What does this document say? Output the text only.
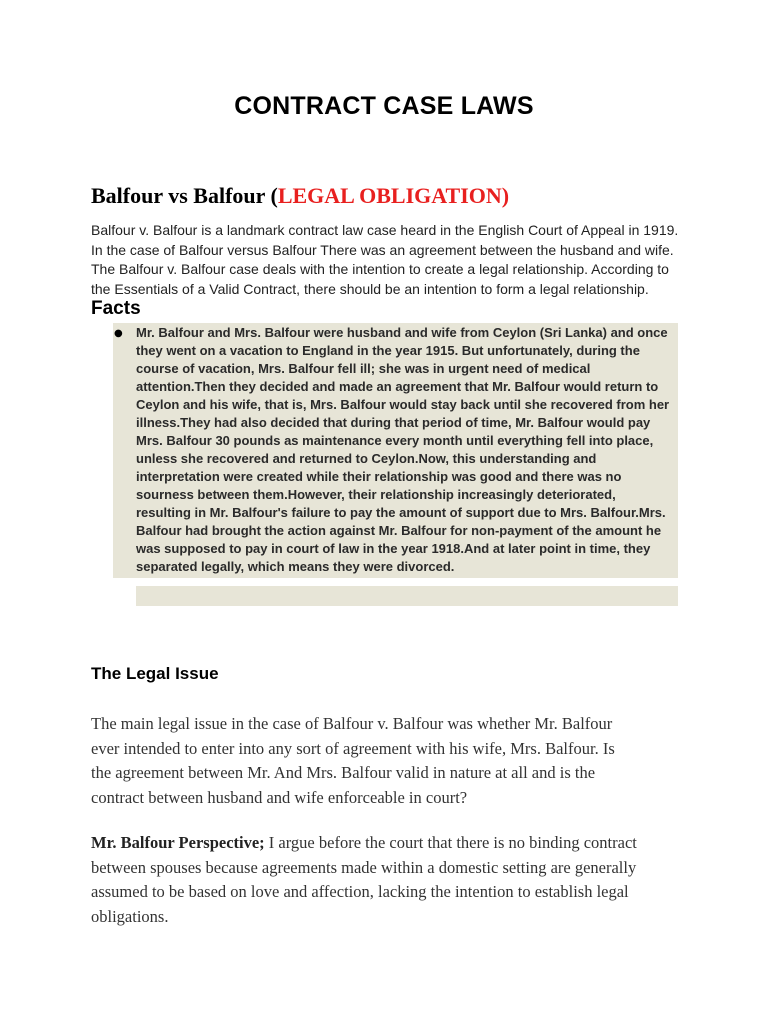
CONTRACT CASE LAWS
Balfour vs Balfour (LEGAL OBLIGATION)

Balfour v. Balfour is a landmark contract law case heard in the English Court of Appeal in 1919.
In the case of Balfour versus Balfour There was an agreement between the husband and wife.
The Balfour v. Balfour case deals with the intention to create a legal relationship. According to
the Essentials of a Valid Contract, there should be an intention to form a legal relationship.

Facts
● Mr. Balfour and Mrs. Balfour were husband and wife from Ceylon (Sri Lanka) and once
they went on a vacation to England in the year 1915. But unfortunately, during the
course of vacation, Mrs. Balfour fell ill; she was in urgent need of medical
attention.Then they decided and made an agreement that Mr. Balfour would return to
Ceylon and his wife, that is, Mrs. Balfour would stay back until she recovered from her
illness.They had also decided that during that period of time, Mr. Balfour would pay
Mrs. Balfour 30 pounds as maintenance every month until everything fell into place,
unless she recovered and returned to Ceylon.Now, this understanding and
interpretation were created while their relationship was good and there was no
sourness between them.However, their relationship increasingly deteriorated,
resulting in Mr. Balfour's failure to pay the amount of support due to Mrs. Balfour.Mrs.
Balfour had brought the action against Mr. Balfour for non-payment of the amount he
was supposed to pay in court of law in the year 1918.And at later point in time, they
separated legally, which means they were divorced.

The Legal Issue

The main legal issue in the case of Balfour v. Balfour was whether Mr. Balfour
ever intended to enter into any sort of agreement with his wife, Mrs. Balfour. Is
the agreement between Mr. And Mrs. Balfour valid in nature at all and is the
contract between husband and wife enforceable in court?

Mr. Balfour Perspective; I argue before the court that there is no binding contract
between spouses because agreements made within a domestic setting are generally
assumed to be based on love and affection, lacking the intention to establish legal
obligations.
